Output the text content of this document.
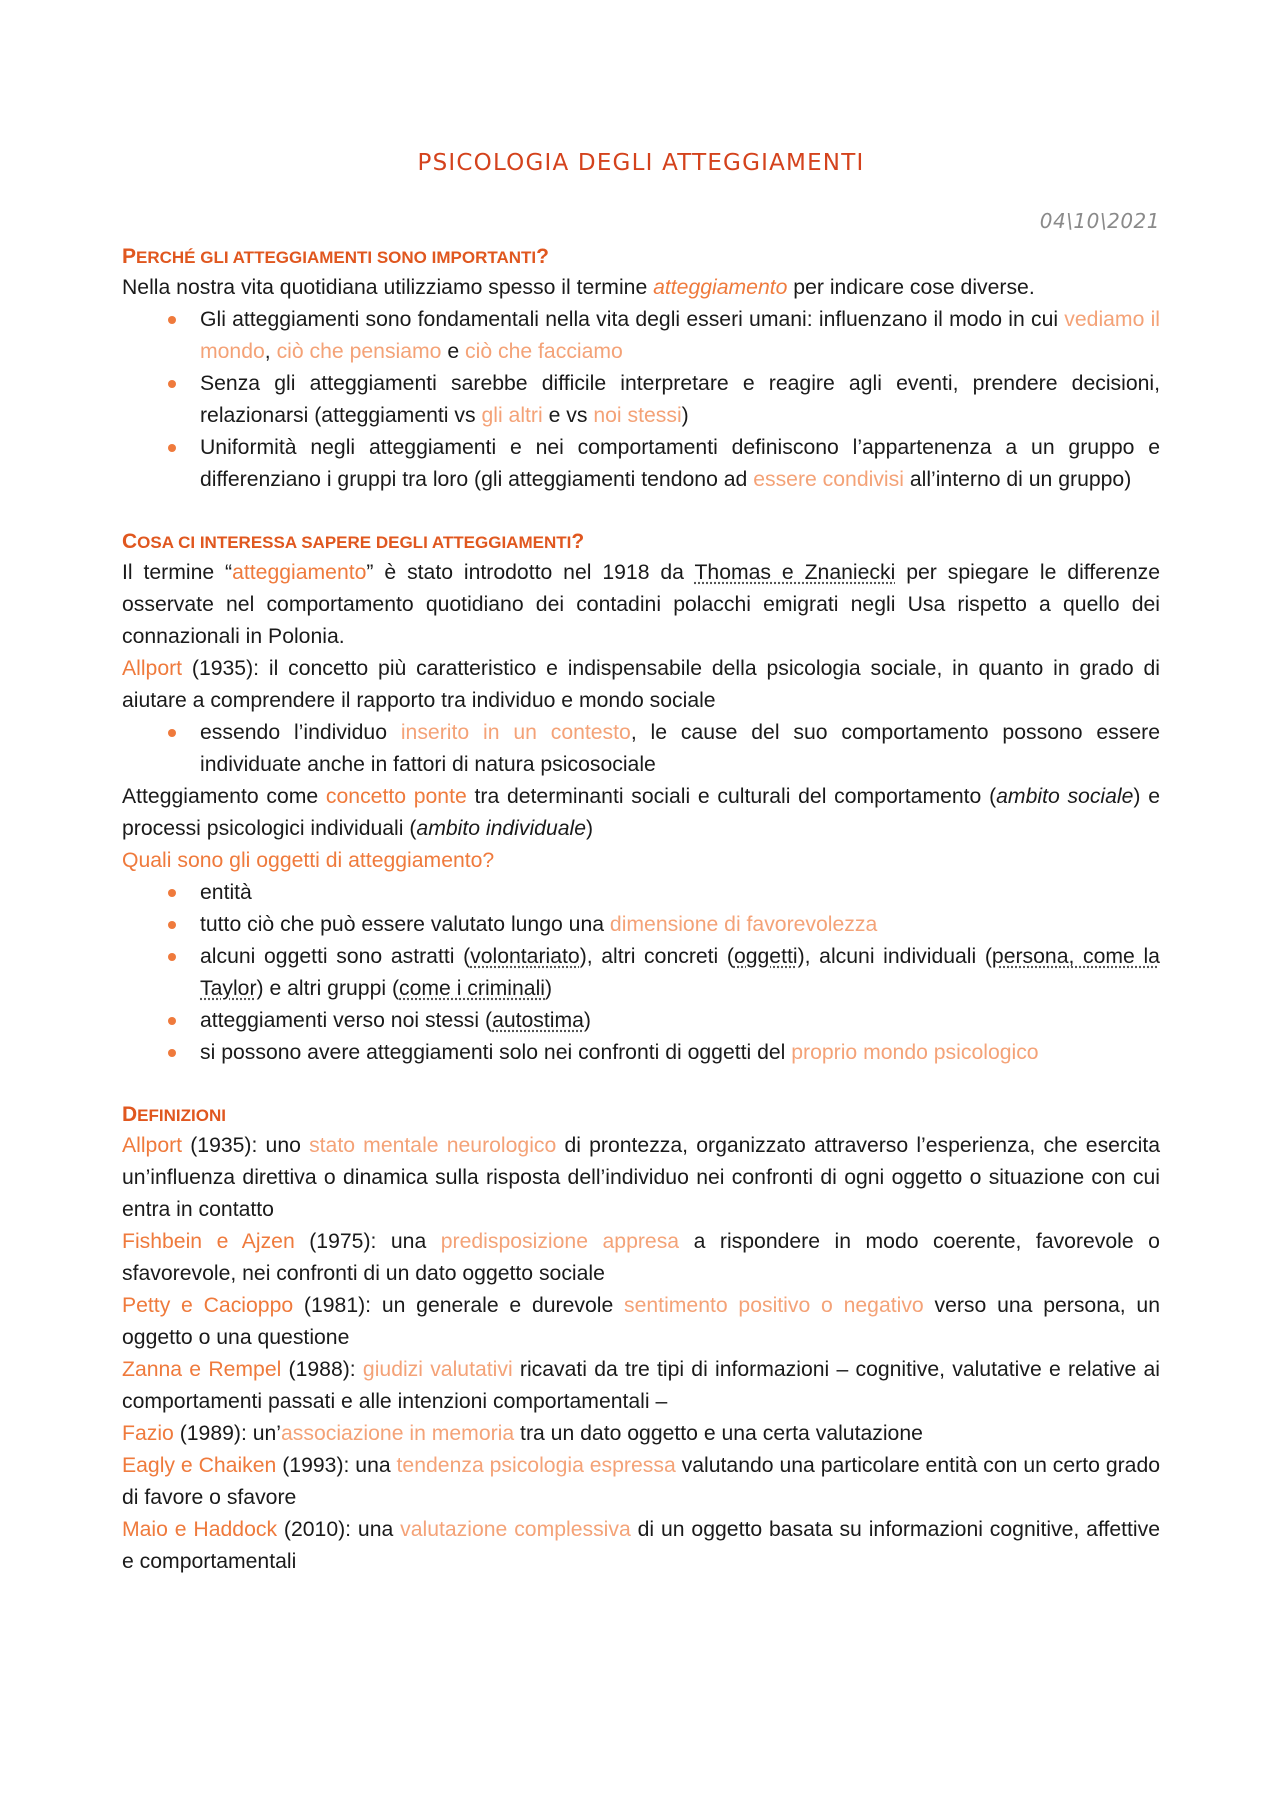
PSICOLOGIA DEGLI ATTEGGIAMENTI
04\10\2021
PERCHÉ GLI ATTEGGIAMENTI SONO IMPORTANTI?

Nella nostra vita quotidiana utilizziamo spesso il termine atteggiamento per indicare cose diverse.

Gli atteggiamenti sono fondamentali nella vita degli esseri umani: influenzano il modo in cui vediamo il mondo, ciò che pensiamo e ciò che facciamo
Senza gli atteggiamenti sarebbe difficile interpretare e reagire agli eventi, prendere decisioni, relazionarsi (atteggiamenti vs gli altri e vs noi stessi)
Uniformità negli atteggiamenti e nei comportamenti definiscono l’appartenenza a un gruppo e differenziano i gruppi tra loro (gli atteggiamenti tendono ad essere condivisi all’interno di un gruppo)
COSA CI INTERESSA SAPERE DEGLI ATTEGGIAMENTI?

Il termine “atteggiamento” è stato introdotto nel 1918 da Thomas e Znaniecki per spiegare le differenze osservate nel comportamento quotidiano dei contadini polacchi emigrati negli Usa rispetto a quello dei connazionali in Polonia.

Allport (1935): il concetto più caratteristico e indispensabile della psicologia sociale, in quanto in grado di aiutare a comprendere il rapporto tra individuo e mondo sociale

essendo l’individuo inserito in un contesto, le cause del suo comportamento possono essere individuate anche in fattori di natura psicosociale

Atteggiamento come concetto ponte tra determinanti sociali e culturali del comportamento (ambito sociale) e processi psicologici individuali (ambito individuale)

Quali sono gli oggetti di atteggiamento?

entità
tutto ciò che può essere valutato lungo una dimensione di favorevolezza
alcuni oggetti sono astratti (volontariato), altri concreti (oggetti), alcuni individuali (persona, come la Taylor) e altri gruppi (come i criminali)
atteggiamenti verso noi stessi (autostima)
si possono avere atteggiamenti solo nei confronti di oggetti del proprio mondo psicologico
DEFINIZIONI

Allport (1935): uno stato mentale neurologico di prontezza, organizzato attraverso l’esperienza, che esercita un’influenza direttiva o dinamica sulla risposta dell’individuo nei confronti di ogni oggetto o situazione con cui entra in contatto

Fishbein e Ajzen (1975): una predisposizione appresa a rispondere in modo coerente, favorevole o sfavorevole, nei confronti di un dato oggetto sociale

Petty e Cacioppo (1981): un generale e durevole sentimento positivo o negativo verso una persona, un oggetto o una questione

Zanna e Rempel (1988): giudizi valutativi ricavati da tre tipi di informazioni – cognitive, valutative e relative ai comportamenti passati e alle intenzioni comportamentali –

Fazio (1989): un’associazione in memoria tra un dato oggetto e una certa valutazione

Eagly e Chaiken (1993): una tendenza psicologia espressa valutando una particolare entità con un certo grado di favore o sfavore

Maio e Haddock (2010): una valutazione complessiva di un oggetto basata su informazioni cognitive, affettive e comportamentali
